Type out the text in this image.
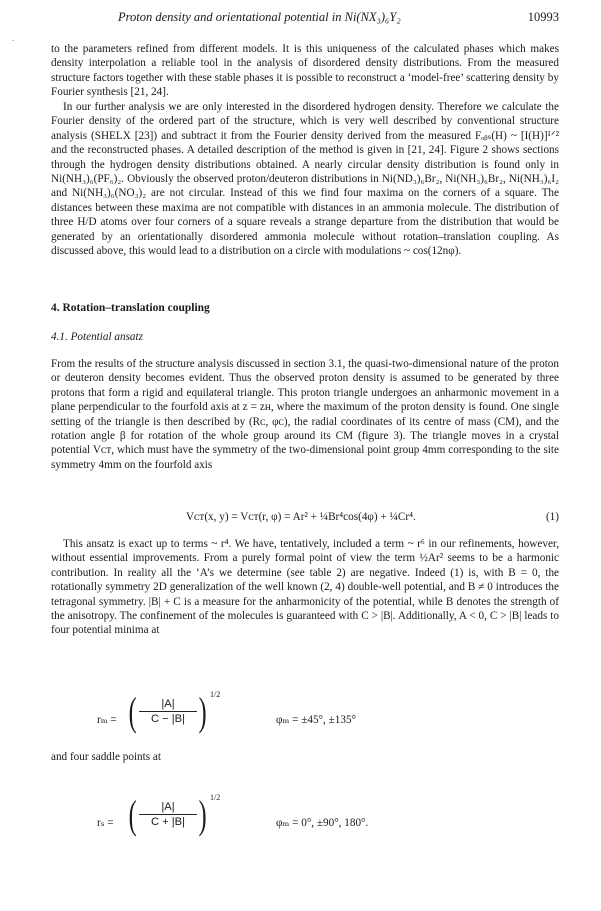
Proton density and orientational potential in Ni(NX₃)₆Y₂	10993

to the parameters refined from different models. It is this uniqueness of the calculated phases which makes density interpolation a reliable tool in the analysis of disordered density distributions. From the measured structure factors together with these stable phases it is possible to reconstruct a ‘model-free’ scattering density by Fourier synthesis [21, 24].

In our further analysis we are only interested in the disordered hydrogen density. Therefore we calculate the Fourier density of the ordered part of the structure, which is very well described by conventional structure analysis (SHELX [23]) and subtract it from the Fourier density derived from the measured Fₒᵦₛ(H) ~ [I(H)]¹ᐟ² and the reconstructed phases. A detailed description of the method is given in [21, 24]. Figure 2 shows sections through the hydrogen density distributions obtained. A nearly circular density distribution is found only in Ni(NH₃)₆(PF₆)₂. Obviously the observed proton/deuteron distributions in Ni(ND₃)₆Br₂, Ni(NH₃)₆Br₂, Ni(NH₃)₆I₂ and Ni(NH₃)₆(NO₃)₂ are not circular. Instead of this we find four maxima on the corners of a square. The distances between these maxima are not compatible with distances in an ammonia molecule. The distribution of three H/D atoms over four corners of a square reveals a strange departure from the distribution that would be generated by an orientationally disordered ammonia molecule without rotation–translation coupling. As discussed above, this would lead to a distribution on a circle with modulations ~ cos(12nφ).

4. Rotation–translation coupling
4.1. Potential ansatz

From the results of the structure analysis discussed in section 3.1, the quasi-two-dimensional nature of the proton or deuteron density becomes evident. Thus the observed proton density is assumed to be generated by three protons that form a rigid and equilateral triangle. This proton triangle undergoes an anharmonic movement in a plane perpendicular to the fourfold axis at z = zʜ, where the maximum of the proton density is found. One single setting of the triangle is then described by (Rᴄ, φᴄ), the radial coordinates of its centre of mass (CM), and the rotation angle β for rotation of the whole group around its CM (figure 3). The triangle moves in a crystal potential Vᴄᴛ, which must have the symmetry of the two-dimensional point group 4mm corresponding to the site symmetry 4mm on the fourfold axis

Vᴄᴛ(x, y) = Vᴄᴛ(r, φ) = Ar² + ¼Br⁴cos(4φ) + ¼Cr⁴.	(1)

This ansatz is exact up to terms ~ r⁴. We have, tentatively, included a term ~ r⁶ in our refinements, however, without essential improvements. From a purely formal point of view the term ½Ar² seems to be a harmonic contribution. In reality all the ‘A’s we determine (see table 2) are negative. Indeed (1) is, with B = 0, the rotationally symmetry 2D generalization of the well known (2, 4) double-well potential, and B ≠ 0 introduces the tetragonal symmetry. |B| + C is a measure for the anharmonicity of the potential, while B denotes the strength of the anisotropy. The confinement of the molecules is guaranteed with C > |B|. Additionally, A < 0, C > |B| leads to four potential minima at

rₘ = ( $\frac{|A|}{C - |B|}$ ) 1/2
φₘ = ±45°, ±135°

and four saddle points at

rₛ = ( $\frac{|A|}{C + |B|}$ ) 1/2
φₘ = 0°, ±90°, 180°.
